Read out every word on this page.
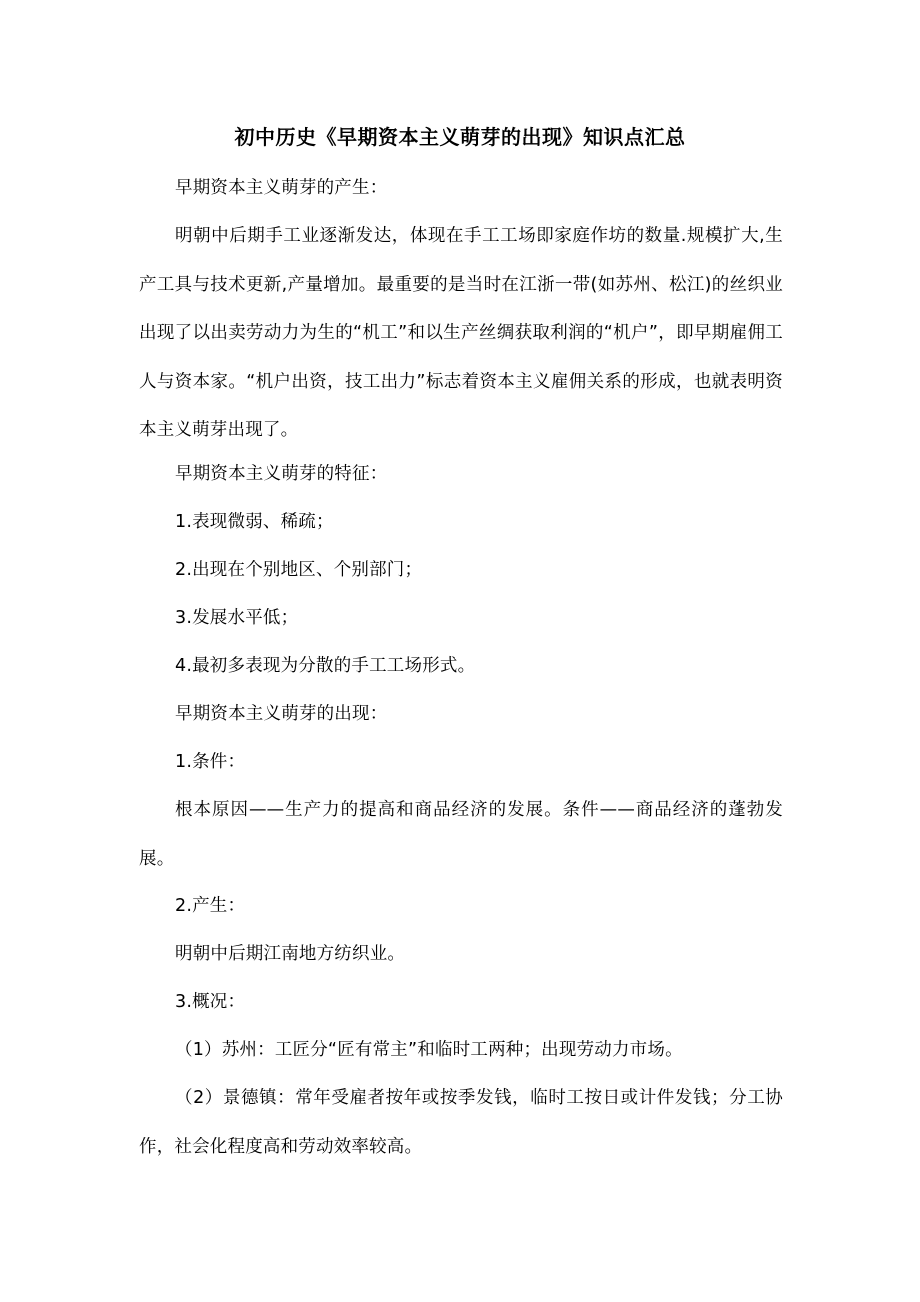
初中历史《早期资本主义萌芽的出现》知识点汇总
早期资本主义萌芽的产生：
明朝中后期手工业逐渐发达，体现在手工工场即家庭作坊的数量.规模扩大,生产工具与技术更新,产量增加。最重要的是当时在江浙一带(如苏州、松江)的丝织业出现了以出卖劳动力为生的“机工”和以生产丝绸获取利润的“机户”，即早期雇佣工人与资本家。“机户出资，技工出力”标志着资本主义雇佣关系的形成，也就表明资本主义萌芽出现了。
早期资本主义萌芽的特征：
1.表现微弱、稀疏；
2.出现在个别地区、个别部门；
3.发展水平低；
4.最初多表现为分散的手工工场形式。
早期资本主义萌芽的出现：
1.条件：
根本原因——生产力的提高和商品经济的发展。条件——商品经济的蓬勃发展。
2.产生：
明朝中后期江南地方纺织业。
3.概况：
（1）苏州：工匠分“匠有常主”和临时工两种；出现劳动力市场。
（2）景德镇：常年受雇者按年或按季发钱，临时工按日或计件发钱；分工协作，社会化程度高和劳动效率较高。
